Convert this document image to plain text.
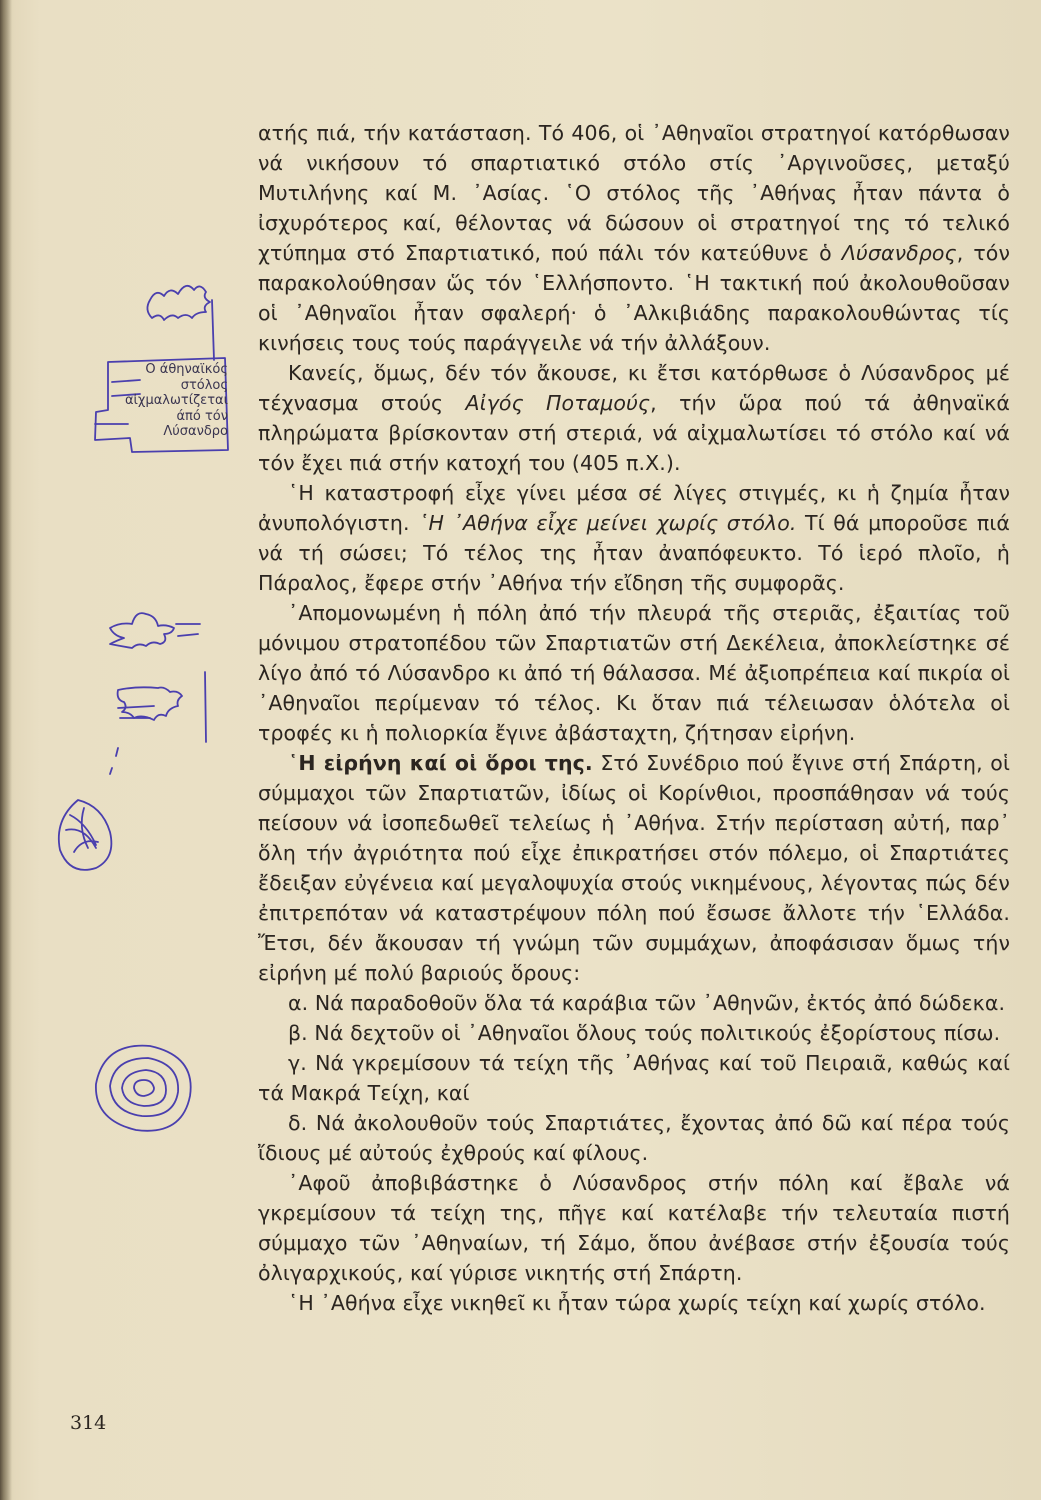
Ο άθηναϊκός
στόλος
αἰχμαλωτίζεται
άπό τόν
Λύσανδρο

ατής πιά, τήν κατάσταση. Τό 406, οἱ ᾽Αθηναῖοι στρατηγοί κατόρθωσαν νά νικήσουν τό σπαρτιατικό στόλο στίς ᾽Αργινοῦσες, μεταξύ Μυτιλήνης καί Μ. ᾽Ασίας. ῾Ο στόλος τῆς ᾽Αθήνας ἦταν πάντα ὁ ἰσχυρότερος καί, θέλοντας νά δώσουν οἱ στρατηγοί της τό τελικό χτύπημα στό Σπαρτιατικό, πού πάλι τόν κατεύθυνε ὁ Λύσανδρος, τόν παρακολούθησαν ὥς τόν ῾Ελλήσποντο. ῾Η τακτική πού ἀκολουθοῦσαν οἱ ᾽Αθηναῖοι ἦταν σφαλερή· ὁ ᾽Αλκιβιάδης παρακολουθώντας τίς κινήσεις τους τούς παράγγειλε νά τήν ἀλλάξουν.

Κανείς, ὅμως, δέν τόν ἄκουσε, κι ἔτσι κατόρθωσε ὁ Λύσανδρος μέ τέχνασμα στούς Αἰγός Ποταμούς, τήν ὥρα πού τά ἀθηναϊκά πληρώματα βρίσκονταν στή στεριά, νά αἰχμαλωτίσει τό στόλο καί νά τόν ἔχει πιά στήν κατοχή του (405 π.Χ.).

῾Η καταστροφή εἶχε γίνει μέσα σέ λίγες στιγμές, κι ἡ ζημία ἦταν ἀνυπολόγιστη. ῾Η ᾽Αθήνα εἶχε μείνει χωρίς στόλο. Τί θά μποροῦσε πιά νά τή σώσει; Τό τέλος της ἦταν ἀναπόφευκτο. Τό ἱερό πλοῖο, ἡ Πάραλος, ἔφερε στήν ᾽Αθήνα τήν εἴδηση τῆς συμφορᾶς.

᾽Απομονωμένη ἡ πόλη ἀπό τήν πλευρά τῆς στεριᾶς, ἐξαιτίας τοῦ μόνιμου στρατοπέδου τῶν Σπαρτιατῶν στή Δεκέλεια, ἀποκλείστηκε σέ λίγο ἀπό τό Λύσανδρο κι ἀπό τή θάλασσα. Μέ ἀξιοπρέπεια καί πικρία οἱ ᾽Αθηναῖοι περίμεναν τό τέλος. Κι ὅταν πιά τέλειωσαν ὁλότελα οἱ τροφές κι ἡ πολιορκία ἔγινε ἀβάσταχτη, ζήτησαν εἰρήνη.

῾Η εἰρήνη καί οἱ ὅροι της. Στό Συνέδριο πού ἔγινε στή Σπάρτη, οἱ σύμμαχοι τῶν Σπαρτιατῶν, ἰδίως οἱ Κορίνθιοι, προσπάθησαν νά τούς πείσουν νά ἰσοπεδωθεῖ τελείως ἡ ᾽Αθήνα. Στήν περίσταση αὐτή, παρ᾽ ὅλη τήν ἀγριότητα πού εἶχε ἐπικρατήσει στόν πόλεμο, οἱ Σπαρτιάτες ἔδειξαν εὐγένεια καί μεγαλοψυχία στούς νικημένους, λέγοντας πώς δέν ἐπιτρεπόταν νά καταστρέψουν πόλη πού ἔσωσε ἄλλοτε τήν ῾Ελλάδα. Ἔτσι, δέν ἄκουσαν τή γνώμη τῶν συμμάχων, ἀποφάσισαν ὅμως τήν εἰρήνη μέ πολύ βαριούς ὅρους:

α. Νά παραδοθοῦν ὅλα τά καράβια τῶν ᾽Αθηνῶν, ἐκτός ἀπό δώδεκα.

β. Νά δεχτοῦν οἱ ᾽Αθηναῖοι ὅλους τούς πολιτικούς ἐξορίστους πίσω.

γ. Νά γκρεμίσουν τά τείχη τῆς ᾽Αθήνας καί τοῦ Πειραιᾶ, καθώς καί τά Μακρά Τείχη, καί

δ. Νά ἀκολουθοῦν τούς Σπαρτιάτες, ἔχοντας ἀπό δῶ καί πέρα τούς ἴδιους μέ αὐτούς ἐχθρούς καί φίλους.

᾽Αφοῦ ἀποβιβάστηκε ὁ Λύσανδρος στήν πόλη καί ἔβαλε νά γκρεμίσουν τά τείχη της, πῆγε καί κατέλαβε τήν τελευταία πιστή σύμμαχο τῶν ᾽Αθηναίων, τή Σάμο, ὅπου ἀνέβασε στήν ἐξουσία τούς ὀλιγαρχικούς, καί γύρισε νικητής στή Σπάρτη.

῾Η ᾽Αθήνα εἶχε νικηθεῖ κι ἦταν τώρα χωρίς τείχη καί χωρίς στόλο.

314
